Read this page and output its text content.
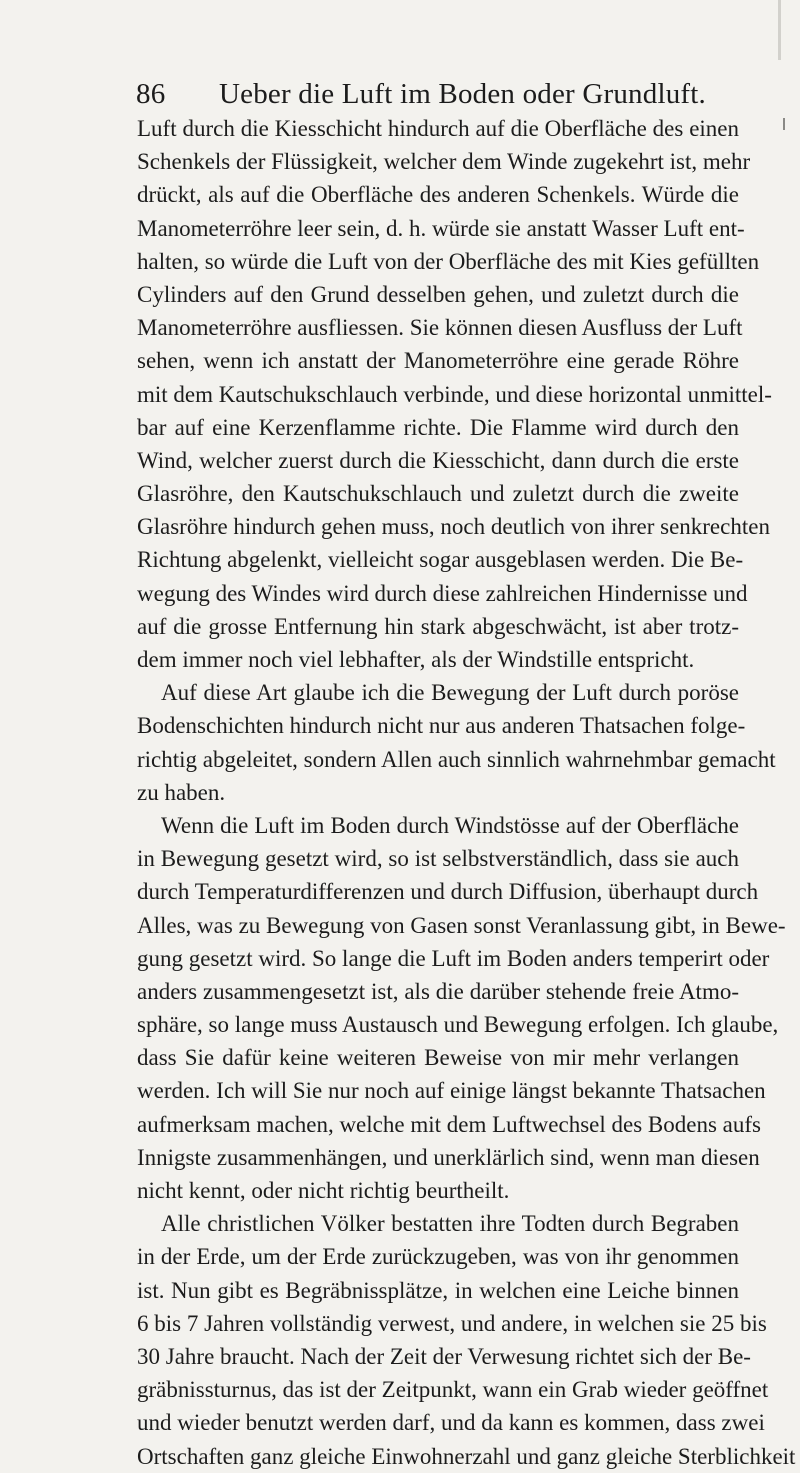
86 Ueber die Luft im Boden oder Grundluft.
Luft durch die Kiesschicht hindurch auf die Oberfläche des einen
Schenkels der Flüssigkeit, welcher dem Winde zugekehrt ist, mehr
drückt, als auf die Oberfläche des anderen Schenkels. Würde die
Manometerröhre leer sein, d. h. würde sie anstatt Wasser Luft ent-
halten, so würde die Luft von der Oberfläche des mit Kies gefüllten
Cylinders auf den Grund desselben gehen, und zuletzt durch die
Manometerröhre ausfliessen. Sie können diesen Ausfluss der Luft
sehen, wenn ich anstatt der Manometerröhre eine gerade Röhre
mit dem Kautschukschlauch verbinde, und diese horizontal unmittel-
bar auf eine Kerzenflamme richte. Die Flamme wird durch den
Wind, welcher zuerst durch die Kiesschicht, dann durch die erste
Glasröhre, den Kautschukschlauch und zuletzt durch die zweite
Glasröhre hindurch gehen muss, noch deutlich von ihrer senkrechten
Richtung abgelenkt, vielleicht sogar ausgeblasen werden. Die Be-
wegung des Windes wird durch diese zahlreichen Hindernisse und
auf die grosse Entfernung hin stark abgeschwächt, ist aber trotz-
dem immer noch viel lebhafter, als der Windstille entspricht.
Auf diese Art glaube ich die Bewegung der Luft durch poröse
Bodenschichten hindurch nicht nur aus anderen Thatsachen folge-
richtig abgeleitet, sondern Allen auch sinnlich wahrnehmbar gemacht
zu haben.
Wenn die Luft im Boden durch Windstösse auf der Oberfläche
in Bewegung gesetzt wird, so ist selbstverständlich, dass sie auch
durch Temperaturdifferenzen und durch Diffusion, überhaupt durch
Alles, was zu Bewegung von Gasen sonst Veranlassung gibt, in Bewe-
gung gesetzt wird. So lange die Luft im Boden anders temperirt oder
anders zusammengesetzt ist, als die darüber stehende freie Atmo-
sphäre, so lange muss Austausch und Bewegung erfolgen. Ich glaube,
dass Sie dafür keine weiteren Beweise von mir mehr verlangen
werden. Ich will Sie nur noch auf einige längst bekannte Thatsachen
aufmerksam machen, welche mit dem Luftwechsel des Bodens aufs
Innigste zusammenhängen, und unerklärlich sind, wenn man diesen
nicht kennt, oder nicht richtig beurtheilt.
Alle christlichen Völker bestatten ihre Todten durch Begraben
in der Erde, um der Erde zurückzugeben, was von ihr genommen
ist. Nun gibt es Begräbnissplätze, in welchen eine Leiche binnen
6 bis 7 Jahren vollständig verwest, und andere, in welchen sie 25 bis
30 Jahre braucht. Nach der Zeit der Verwesung richtet sich der Be-
gräbnissturnus, das ist der Zeitpunkt, wann ein Grab wieder geöffnet
und wieder benutzt werden darf, und da kann es kommen, dass zwei
Ortschaften ganz gleiche Einwohnerzahl und ganz gleiche Sterblichkeit
